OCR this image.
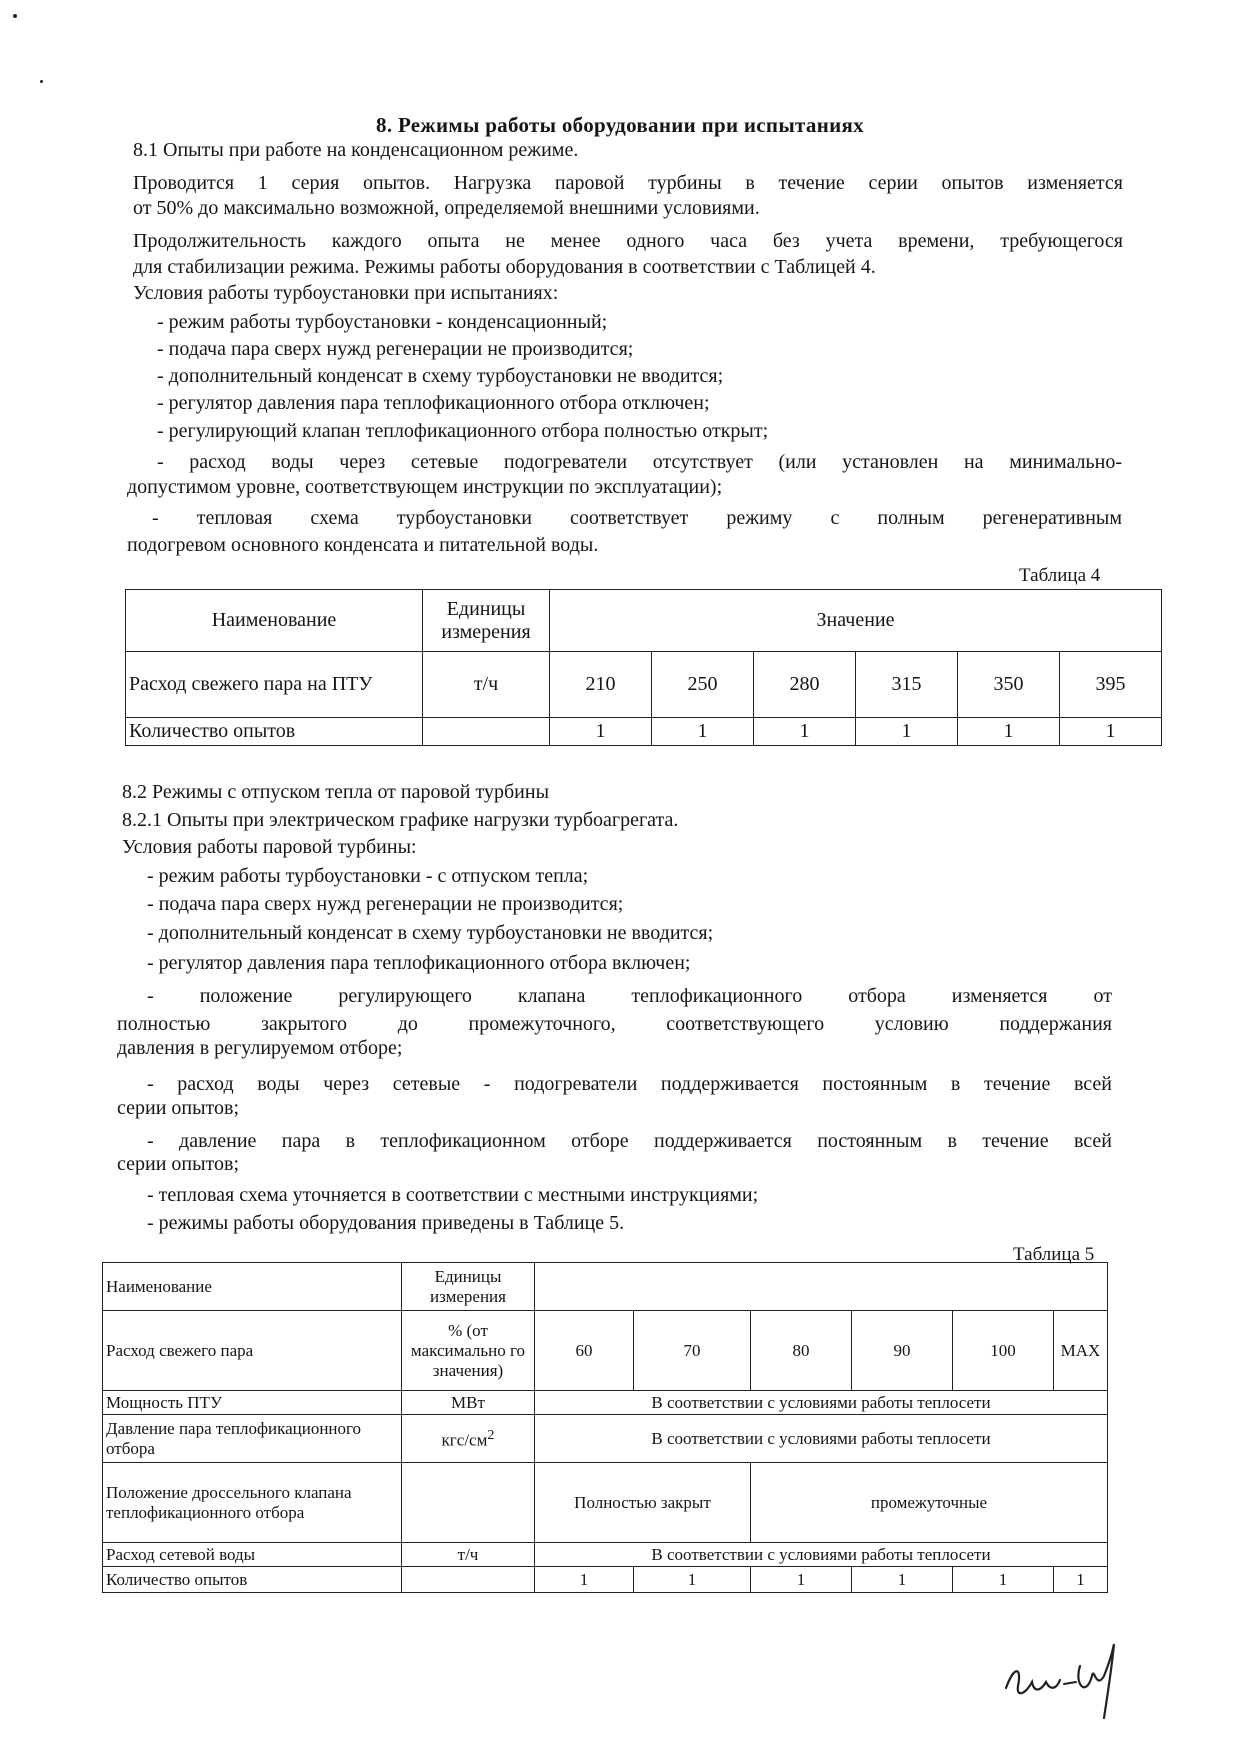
8. Режимы работы оборудовании при испытаниях
8.1 Опыты при работе на конденсационном режиме.
Проводится 1 серия опытов. Нагрузка паровой турбины в течение серии опытов изменяется
от 50% до максимально возможной, определяемой внешними условиями.
Продолжительность каждого опыта не менее одного часа без учета времени, требующегося
для стабилизации режима. Режимы работы оборудования в соответствии с Таблицей 4.
Условия работы турбоустановки при испытаниях:
- режим работы турбоустановки - конденсационный;
- подача пара сверх нужд регенерации не производится;
- дополнительный конденсат в схему турбоустановки не вводится;
- регулятор давления пара теплофикационного отбора отключен;
- регулирующий клапан теплофикационного отбора полностью открыт;
- расход воды через сетевые подогреватели отсутствует (или установлен на минимально-
допустимом уровне, соответствующем инструкции по эксплуатации);
- тепловая схема турбоустановки соответствует режиму с полным регенеративным
подогревом основного конденсата и питательной воды.
Таблица 4
Наименование	Единицы измерения	Значение					
Расход свежего пара на ПТУ	т/ч	210	250	280	315	350	395
Количество опытов		1	1	1	1	1	1
8.2 Режимы с отпуском тепла от паровой турбины
8.2.1 Опыты при электрическом графике нагрузки турбоагрегата.
Условия работы паровой турбины:
- режим работы турбоустановки - с отпуском тепла;
- подача пара сверх нужд регенерации не производится;
- дополнительный конденсат в схему турбоустановки не вводится;
- регулятор давления пара теплофикационного отбора включен;
- положение регулирующего клапана теплофикационного отбора изменяется от
полностью закрытого до промежуточного, соответствующего условию поддержания
давления в регулируемом отборе;
- расход воды через сетевые - подогреватели поддерживается постоянным в течение всей
серии опытов;
- давление пара в теплофикационном отборе поддерживается постоянным в течение всей
серии опытов;
- тепловая схема уточняется в соответствии с местными инструкциями;
- режимы работы оборудования приведены в Таблице 5.
Таблица 5
Наименование	Единицы измерения						
Расход свежего пара	% (от максимально го значения)	60	70	80	90	100	MAX
Мощность ПТУ	МВт	В соответствии с условиями работы теплосети					
Давление пара теплофикационного отбора	кгс/$см^2$	В соответствии с условиями работы теплосети					
Положение дроссельного клапана теплофикационного отбора		Полностью закрыт		промежуточные			
Расход сетевой воды	т/ч	В соответствии с условиями работы теплосети					
Количество опытов		1	1	1	1	1	1
